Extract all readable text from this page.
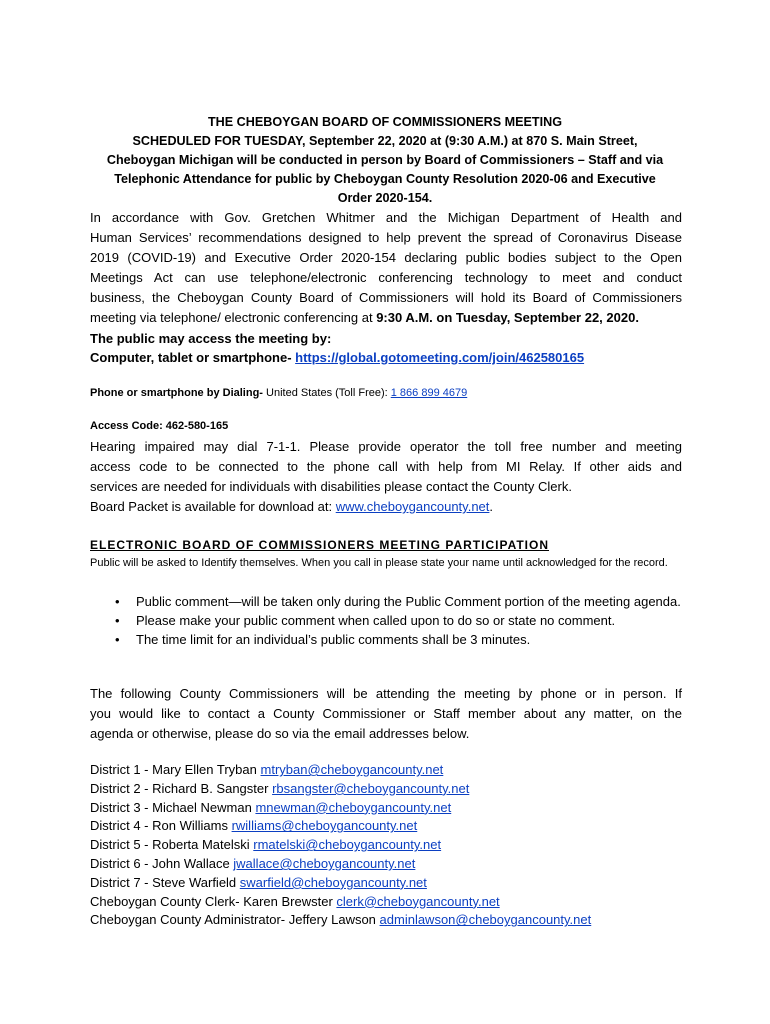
THE CHEBOYGAN BOARD OF COMMISSIONERS MEETING
SCHEDULED FOR TUESDAY, September 22, 2020 at (9:30 A.M.) at 870 S. Main Street,
Cheboygan Michigan will be conducted in person by Board of Commissioners – Staff and via
Telephonic Attendance for public by Cheboygan County Resolution 2020-06 and Executive
Order 2020-154.
In accordance with Gov. Gretchen Whitmer and the Michigan Department of Health and
Human Services’ recommendations designed to help prevent the spread of Coronavirus Disease
2019 (COVID-19) and Executive Order 2020-154 declaring public bodies subject to the Open
Meetings Act can use telephone/electronic conferencing technology to meet and conduct
business, the Cheboygan County Board of Commissioners will hold its Board of Commissioners
meeting via telephone/ electronic conferencing at 9:30 A.M. on Tuesday, September 22, 2020.
The public may access the meeting by:
Computer, tablet or smartphone- https://global.gotomeeting.com/join/462580165
Phone or smartphone by Dialing- United States (Toll Free): 1 866 899 4679
Access Code: 462-580-165
Hearing impaired may dial 7-1-1. Please provide operator the toll free number and meeting
access code to be connected to the phone call with help from MI Relay. If other aids and
services are needed for individuals with disabilities please contact the County Clerk.
Board Packet is available for download at: www.cheboygancounty.net.
ELECTRONIC BOARD OF COMMISSIONERS MEETING PARTICIPATION
Public will be asked to Identify themselves. When you call in please state your name until acknowledged for the record.
• Public comment—will be taken only during the Public Comment portion of the meeting agenda.
• Please make your public comment when called upon to do so or state no comment.
• The time limit for an individual’s public comments shall be 3 minutes.
The following County Commissioners will be attending the meeting by phone or in person. If
you would like to contact a County Commissioner or Staff member about any matter, on the
agenda or otherwise, please do so via the email addresses below.
District 1 - Mary Ellen Tryban mtryban@cheboygancounty.net
District 2 - Richard B. Sangster rbsangster@cheboygancounty.net
District 3 - Michael Newman mnewman@cheboygancounty.net
District 4 - Ron Williams rwilliams@cheboygancounty.net
District 5 - Roberta Matelski rmatelski@cheboygancounty.net
District 6 - John Wallace jwallace@cheboygancounty.net
District 7 - Steve Warfield swarfield@cheboygancounty.net
Cheboygan County Clerk- Karen Brewster clerk@cheboygancounty.net
Cheboygan County Administrator- Jeffery Lawson adminlawson@cheboygancounty.net
